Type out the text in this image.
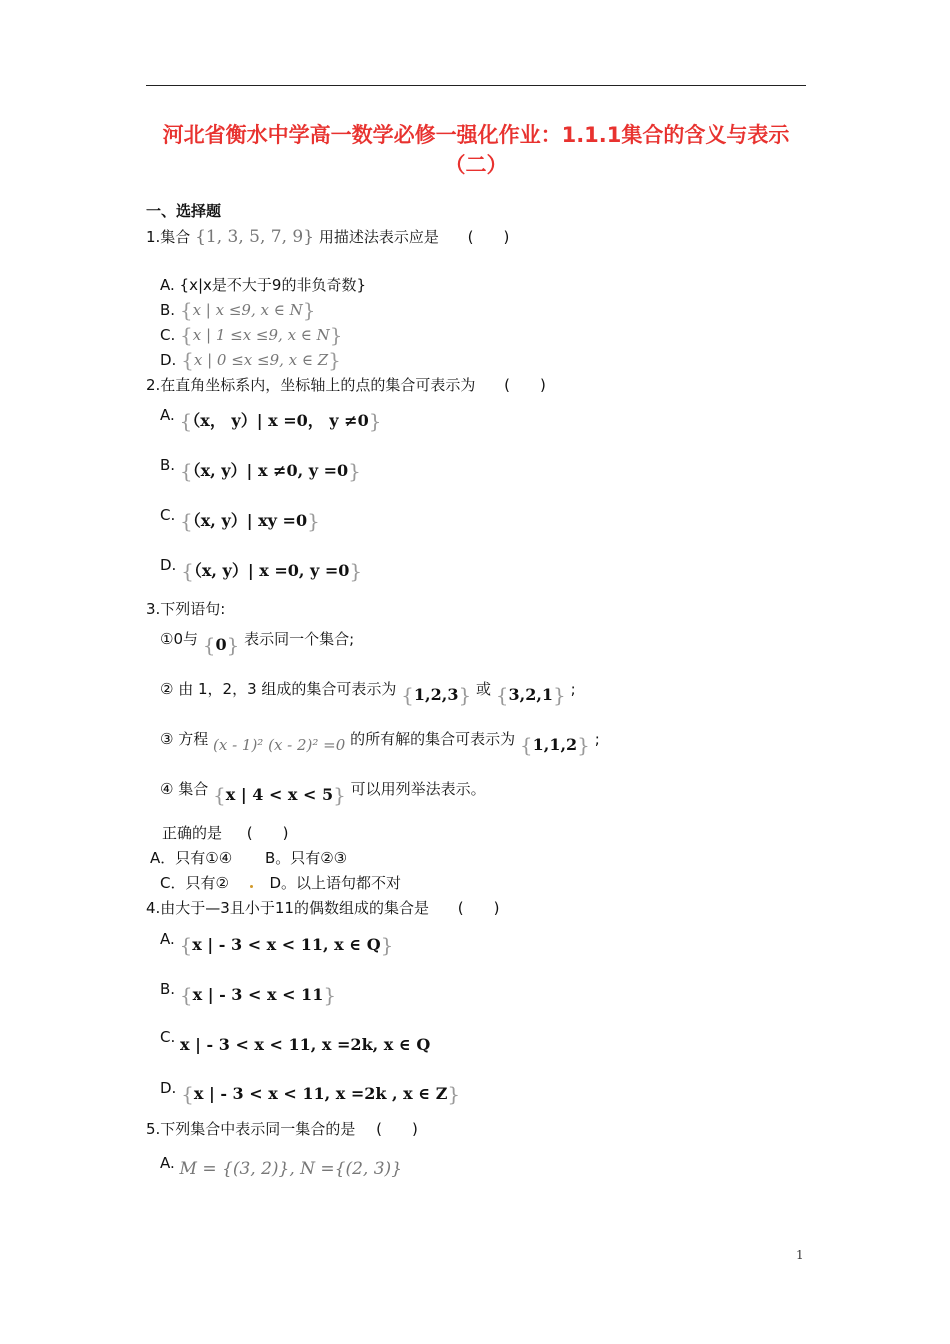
河北省衡水中学高一数学必修一强化作业：1.1.1集合的含义与表示（二）
一、选择题
1.集合 {1, 3, 5, 7, 9} 用描述法表示应是 (　　)
A. {x|x是不大于9的非负奇数}
B. {x | x ≤9, x ∈ N}
C. {x | 1 ≤x ≤9, x ∈ N}
D. {x | 0 ≤x ≤9, x ∈ Z}
2.在直角坐标系内，坐标轴上的点的集合可表示为 (　　)
A. {（x， y）| x =0， y ≠0}
B. {（x, y）| x ≠0, y =0}
C. {（x, y）| xy =0}
D. {（x, y）| x =0, y =0}
3.下列语句:
①0与 {0} 表示同一个集合;
② 由 1，2，3 组成的集合可表示为 {1,2,3} 或 {3,2,1} ;
③ 方程 (x - 1)² (x - 2)² =0 的所有解的集合可表示为 {1,1,2} ;
④ 集合 {x | 4 < x < 5} 可以用列举法表示。
正确的是 (　　)
A．只有①④ B。只有②③
C．只有②	D。以上语句都不对
4.由大于—3且小于11的偶数组成的集合是 (　　)
A. {x | - 3 < x < 11, x ∈ Q}
B. {x | - 3 < x < 11}
C. x | - 3 < x < 11, x =2k, x ∈ Q
D. {x | - 3 < x < 11, x =2k , x ∈ Z}
5.下列集合中表示同一集合的是 (　　)
A. M = {(3, 2)}, N ={(2, 3)}
1
